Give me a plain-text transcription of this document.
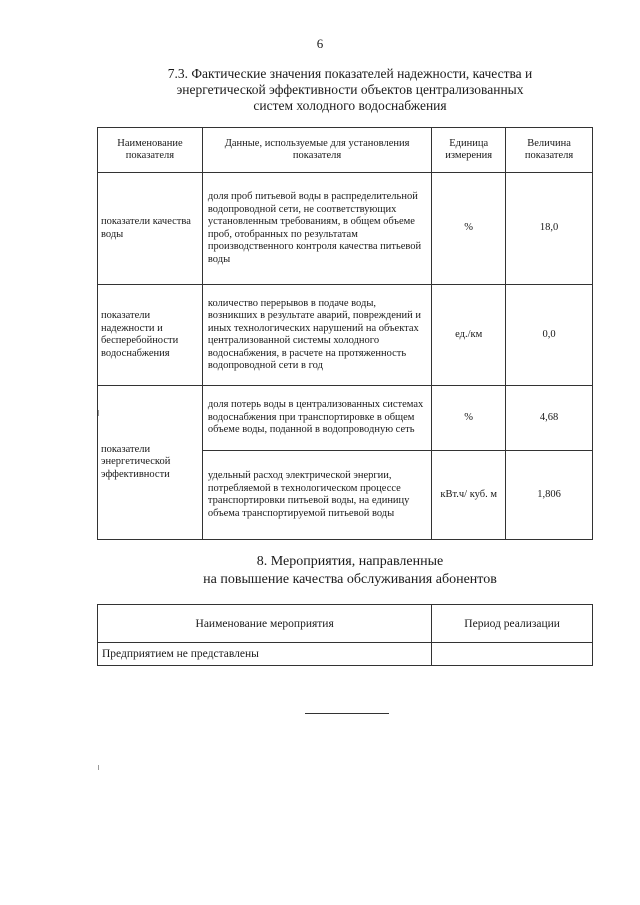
6
7.3. Фактические значения показателей надежности, качества и
энергетической эффективности объектов централизованных
систем холодного водоснабжения
Наименование показателя	Данные, используемые для установления показателя	Единица измерения	Величина показателя
показатели качества воды	доля проб питьевой воды в распределительной водопроводной сети, не соответствующих установленным требованиям, в общем объеме проб, отобранных по результатам производственного контроля качества питьевой воды	%	18,0
показатели надежности и бесперебойности водоснабжения	количество перерывов в подаче воды, возникших в результате аварий, повреждений и иных технологических нарушений на объектах централизованной системы холодного водоснабжения, в расчете на протяженность водопроводной сети в год	ед./км	0,0
показатели энергетической эффективности	доля потерь воды в централизованных системах водоснабжения при транспортировке в общем объеме воды, поданной в водопроводную сеть	%	4,68
	удельный расход электрической энергии, потребляемой в технологическом процессе транспортировки питьевой воды, на единицу объема транспортируемой питьевой воды	кВт.ч/ куб. м	1,806
8. Мероприятия, направленные
на повышение качества обслуживания абонентов
Наименование мероприятия	Период реализации
Предприятием не представлены	
